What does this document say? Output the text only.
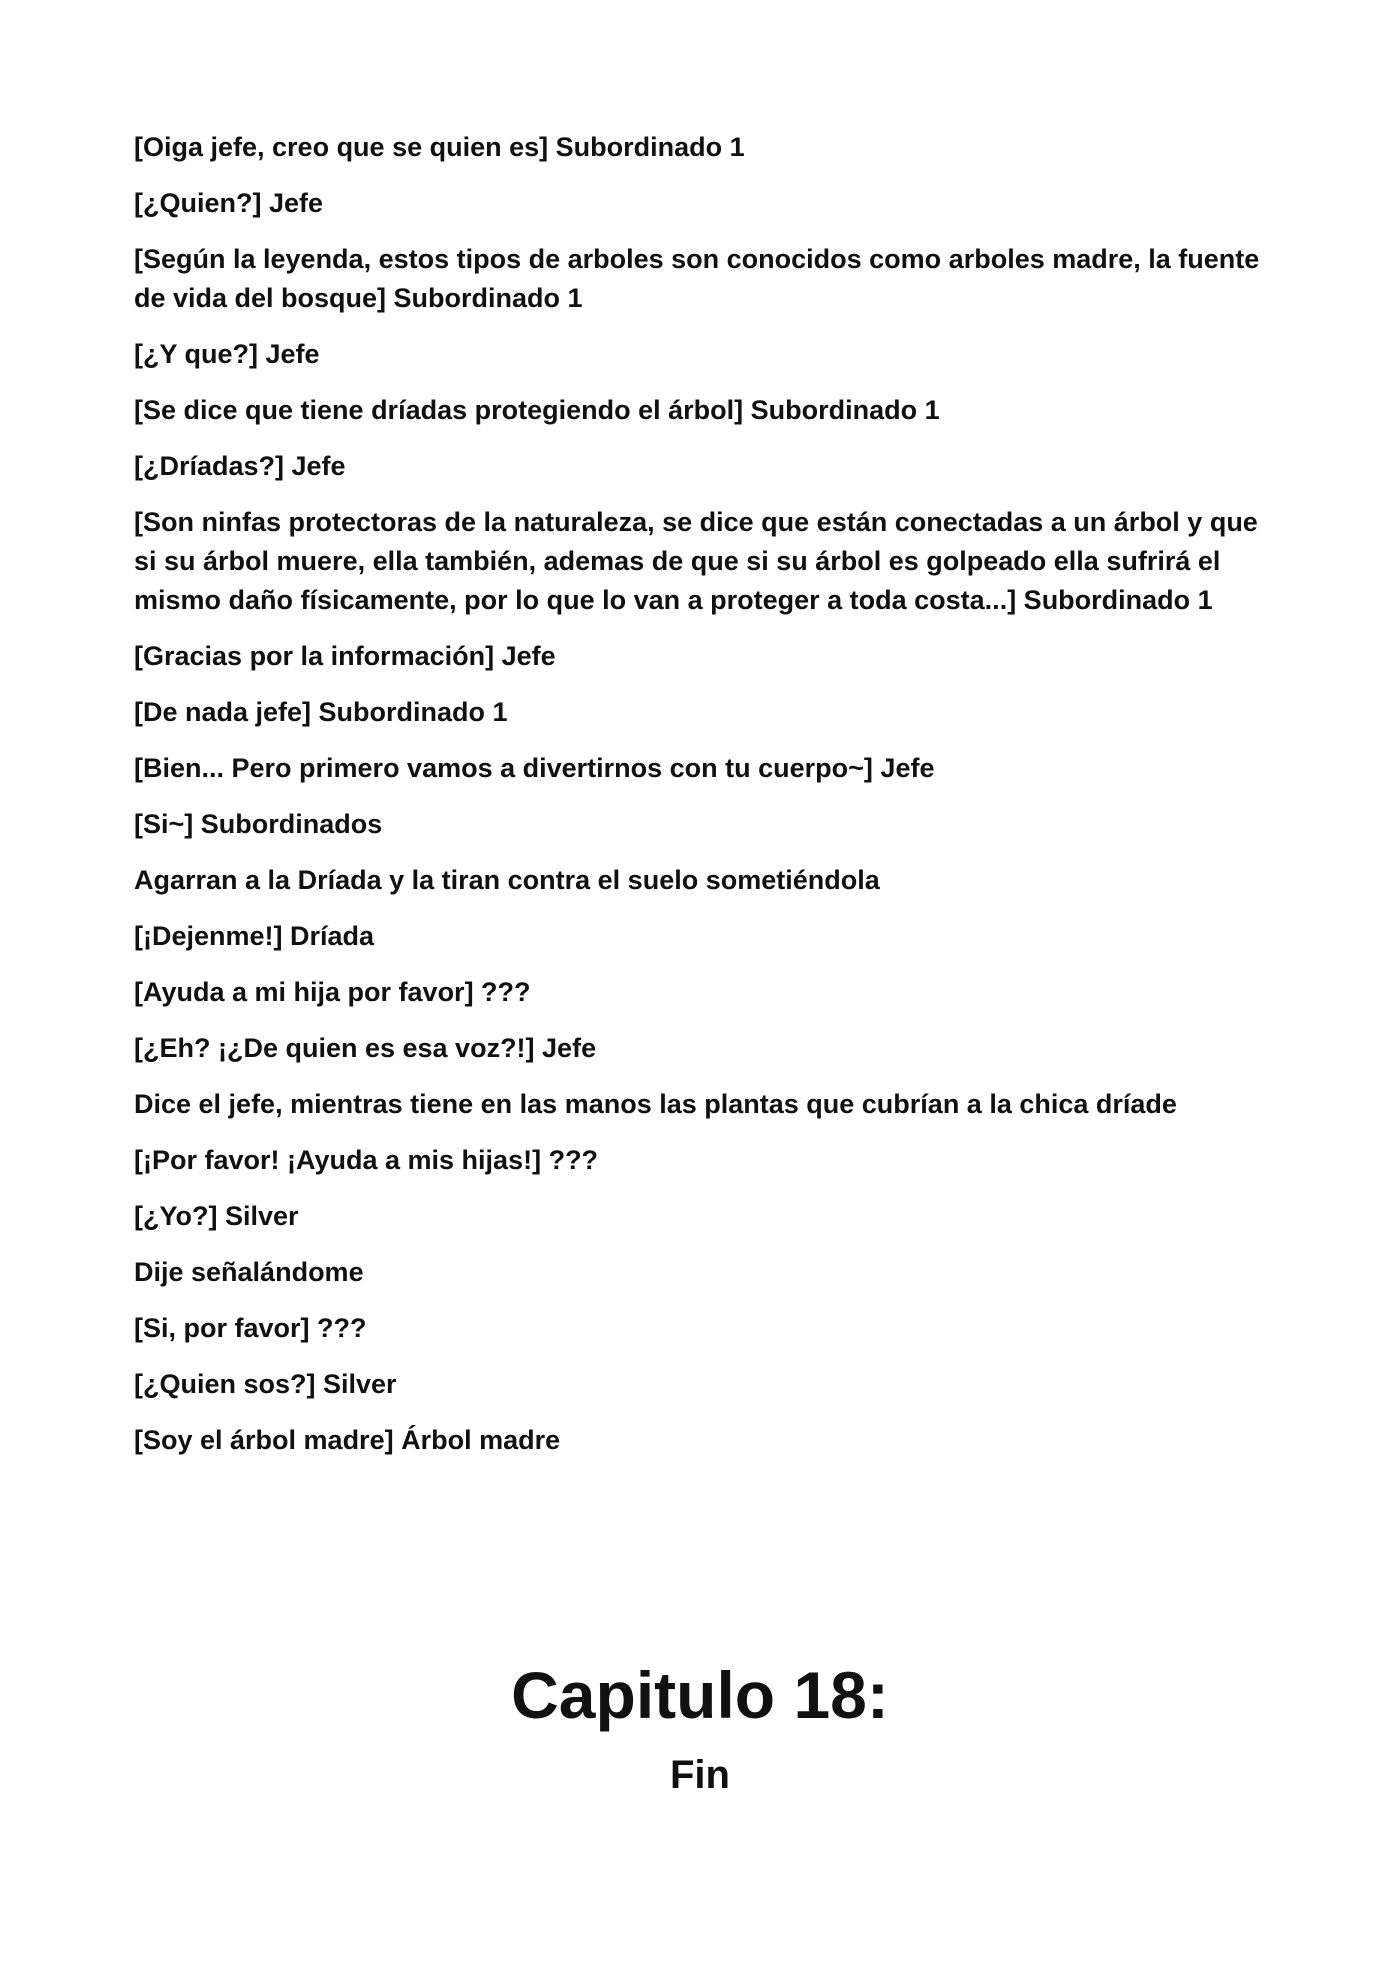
[Oiga jefe, creo que se quien es] Subordinado 1

[¿Quien?] Jefe

[Según la leyenda, estos tipos de arboles son conocidos como arboles madre, la fuente de vida del bosque] Subordinado 1

[¿Y que?] Jefe

[Se dice que tiene dríadas protegiendo el árbol] Subordinado 1

[¿Dríadas?] Jefe

[Son ninfas protectoras de la naturaleza, se dice que están conectadas a un árbol y que si su árbol muere, ella también, ademas de que si su árbol es golpeado ella sufrirá el mismo daño físicamente, por lo que lo van a proteger a toda costa...] Subordinado 1

[Gracias por la información] Jefe

[De nada jefe] Subordinado 1

[Bien... Pero primero vamos a divertirnos con tu cuerpo~] Jefe

[Si~] Subordinados

Agarran a la Dríada y la tiran contra el suelo sometiéndola

[¡Dejenme!] Dríada

[Ayuda a mi hija por favor] ???

[¿Eh? ¡¿De quien es esa voz?!] Jefe

Dice el jefe, mientras tiene en las manos las plantas que cubrían a la chica dríade

[¡Por favor! ¡Ayuda a mis hijas!] ???

[¿Yo?] Silver

Dije señalándome

[Si, por favor] ???

[¿Quien sos?] Silver

[Soy el árbol madre] Árbol madre

Capitulo 18:
Fin
